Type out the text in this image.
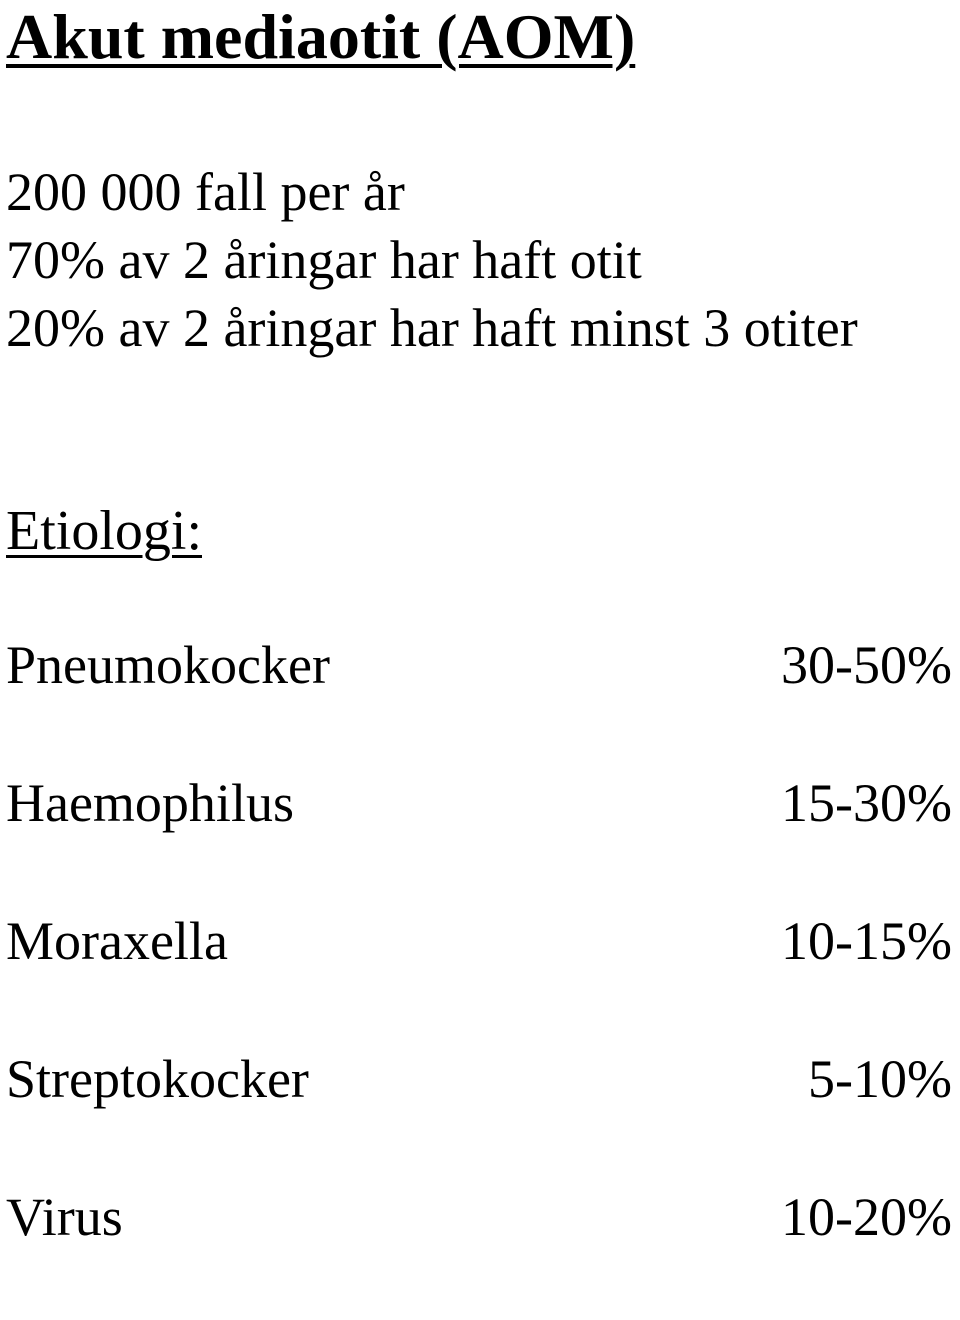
Akut mediaotit (AOM)
200 000 fall per år
70% av 2 åringar har haft otit
20% av 2 åringar har haft minst 3 otiter
Etiologi:
Pneumokocker	30-50%
Haemophilus	15-30%
Moraxella	10-15%
Streptokocker	5-10%
Virus	10-20%
